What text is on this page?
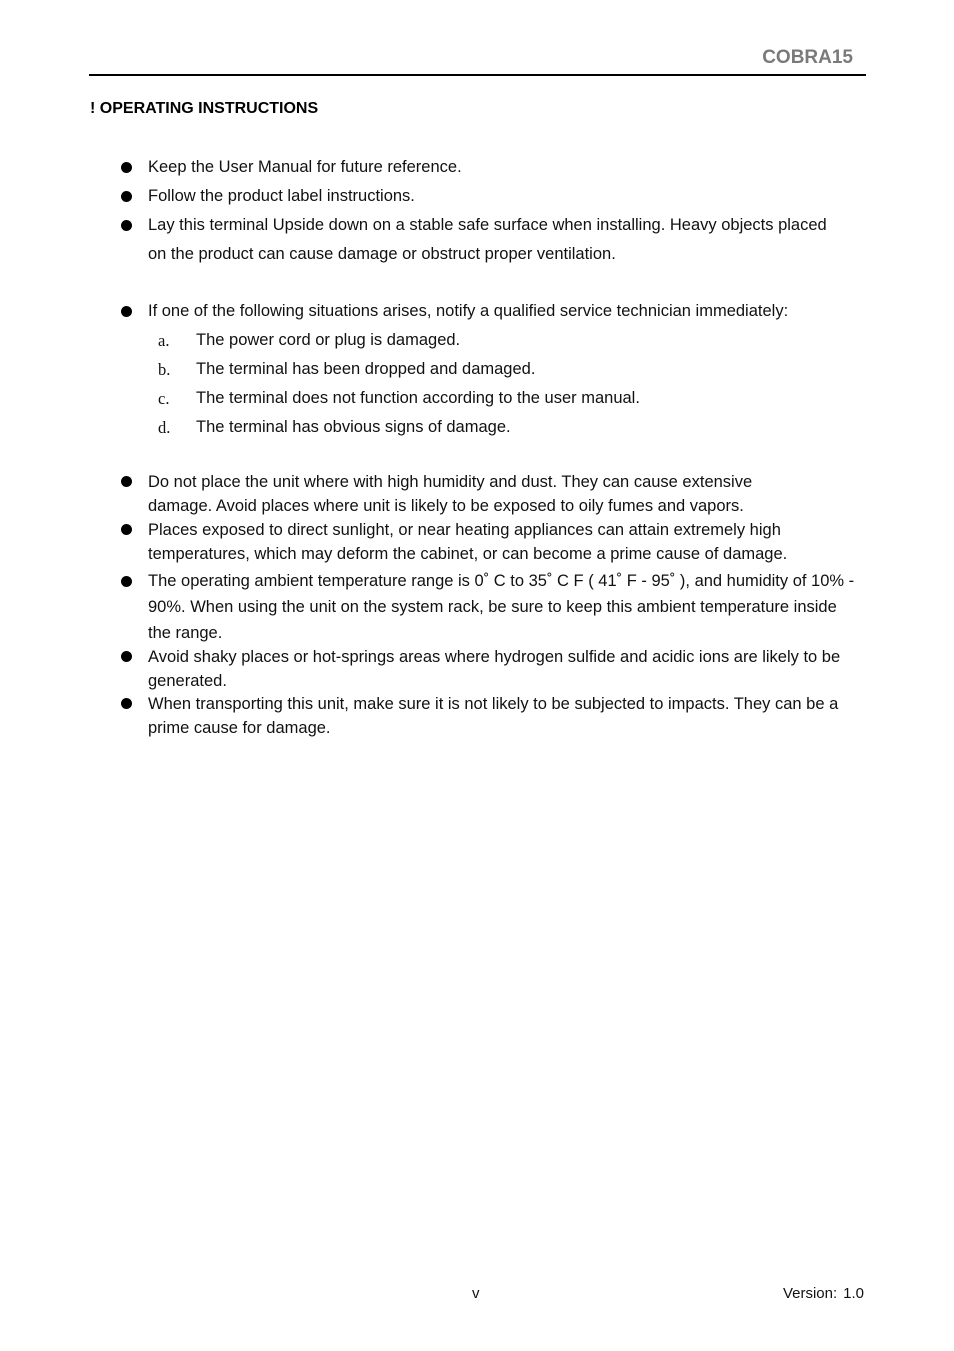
COBRA15
! OPERATING INSTRUCTIONS
Keep the User Manual for future reference.
Follow the product label instructions.
Lay this terminal Upside down on a stable safe surface when installing. Heavy objects placed on the product can cause damage or obstruct proper ventilation.
If one of the following situations arises, notify a qualified service technician immediately:
a. The power cord or plug is damaged.
b. The terminal has been dropped and damaged.
c. The terminal does not function according to the user manual.
d. The terminal has obvious signs of damage.
Do not place the unit where with high humidity and dust. They can cause extensive damage. Avoid places where unit is likely to be exposed to oily fumes and vapors.
Places exposed to direct sunlight, or near heating appliances can attain extremely high temperatures, which may deform the cabinet, or can become a prime cause of damage.
The operating ambient temperature range is 0˚ C to 35˚ C F ( 41˚ F - 95˚ ), and humidity of 10% - 90%. When using the unit on the system rack, be sure to keep this ambient temperature inside the range.
Avoid shaky places or hot-springs areas where hydrogen sulfide and acidic ions are likely to be generated.
When transporting this unit, make sure it is not likely to be subjected to impacts. They can be a prime cause for damage.
v	Version: 1.0
